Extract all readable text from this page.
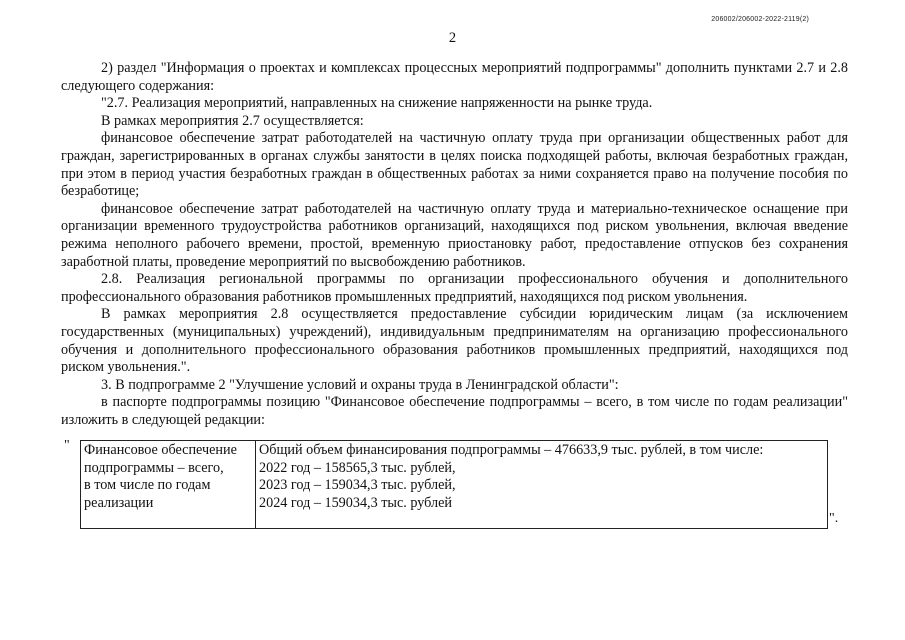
206002/206002-2022-2119(2)
2

2) раздел "Информация о проектах и комплексах процессных мероприятий подпрограммы" дополнить пунктами 2.7 и 2.8 следующего содержания:

"2.7. Реализация мероприятий, направленных на снижение напряженности на рынке труда.

В рамках мероприятия 2.7 осуществляется:

финансовое обеспечение затрат работодателей на частичную оплату труда при организации общественных работ для граждан, зарегистрированных в органах службы занятости в целях поиска подходящей работы, включая безработных граждан, при этом в период участия безработных граждан в общественных работах за ними сохраняется право на получение пособия по безработице;

финансовое обеспечение затрат работодателей на частичную оплату труда и материально-техническое оснащение при организации временного трудоустройства работников организаций, находящихся под риском увольнения, включая введение режима неполного рабочего времени, простой, временную приостановку работ, предоставление отпусков без сохранения заработной платы, проведение мероприятий по высвобождению работников.

2.8. Реализация региональной программы по организации профессионального обучения и дополнительного профессионального образования работников промышленных предприятий, находящихся под риском увольнения.

В рамках мероприятия 2.8 осуществляется предоставление субсидии юридическим лицам (за исключением государственных (муниципальных) учреждений), индивидуальным предпринимателям на организацию профессионального обучения и дополнительного профессионального образования работников промышленных предприятий, находящихся под риском увольнения.".

3. В подпрограмме 2 "Улучшение условий и охраны труда в Ленинградской области":

в паспорте подпрограммы позицию "Финансовое обеспечение подпрограммы – всего, в том числе по годам реализации" изложить в следующей редакции:

" Финансовое обеспечение
подпрограммы – всего,
в том числе по годам
реализации

Общий объем финансирования подпрограммы – 476633,9 тыс. рублей, в том числе:
2022 год – 158565,3 тыс. рублей,
2023 год – 159034,3 тыс. рублей,
2024 год – 159034,3 тыс. рублей
".
